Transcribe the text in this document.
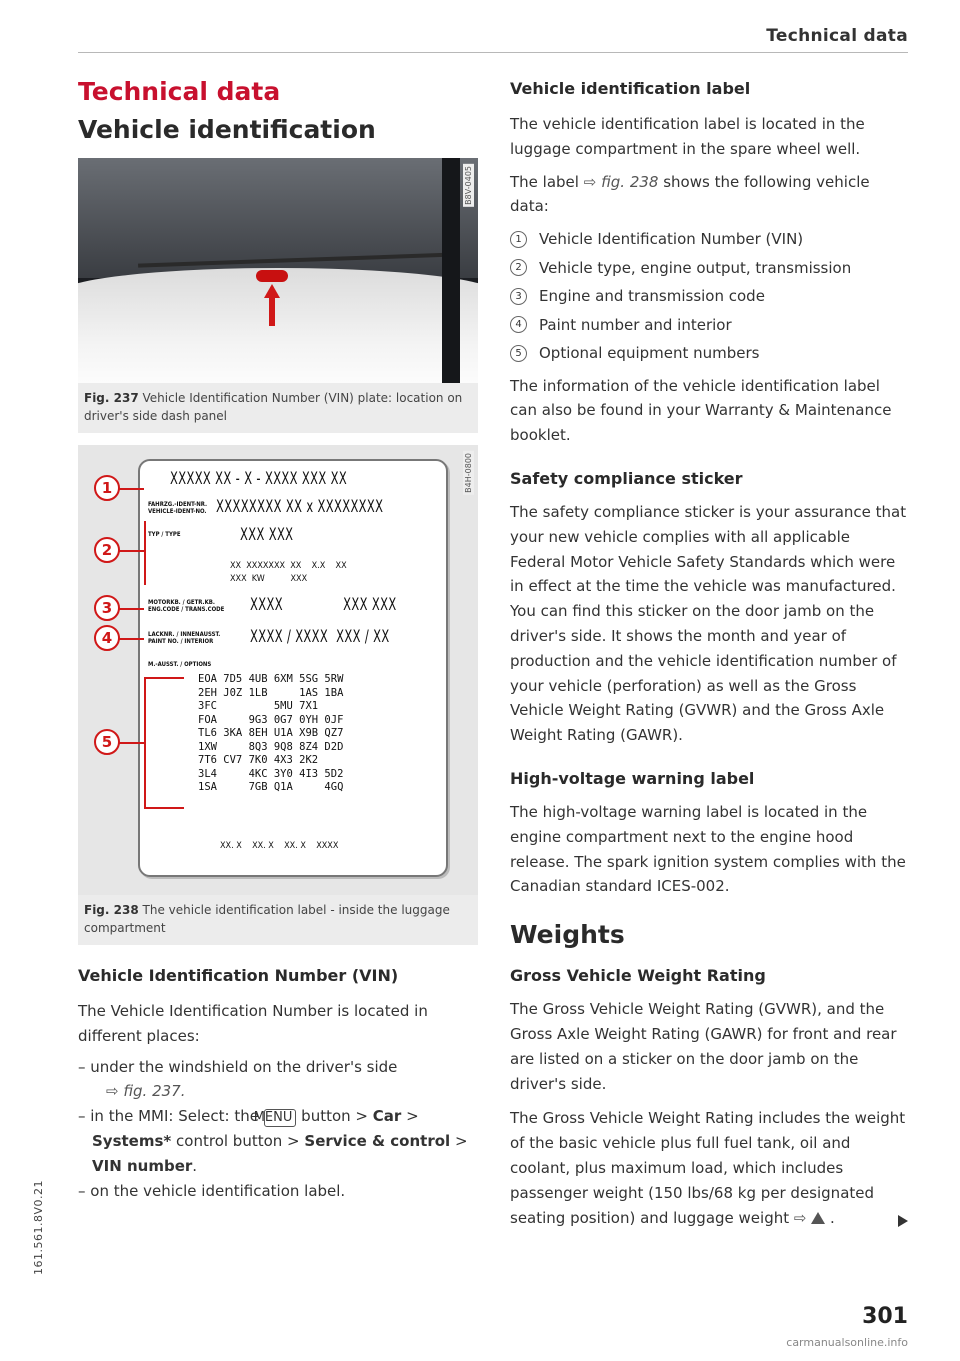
Technical data
Technical data
Vehicle identification
B8V-0405
Fig. 237 Vehicle Identification Number (VIN) plate: location on driver's side dash panel
B4H-0800
XXXXX XX - X - XXXX XXX XX
FAHRZG.-IDENT-NR.
VEHICLE-IDENT-NO. XXXXXXXX XX x XXXXXXXX
TYP / TYPE	XXX XXX
XX  XXXXXXX  XX    X.X    XX
XXX  KW          XXX
MOTORKB. / GETR.KB.
ENG.CODE / TRANS.CODE XXXX               XXX XXX
LACKNR. / INNENAUSST.
PAINT NO. / INTERIOR	XXXX / XXXX  XXX / XX
M.-AUSST. / OPTIONS
EOA 7D5 4UB 6XM 5SG 5RW
2EH J0Z 1LB     1AS 1BA
3FC         5MU 7X1
FOA     9G3 0G7 0YH 0JF
TL6 3KA 8EH U1A X9B QZ7
1XW     8Q3 9Q8 8Z4 D2D
7T6 CV7 7K0 4X3 2K2
3L4     4KC 3Y0 4I3 5D2
1SA     7GB Q1A     4GQ
XX. X    XX. X    XX. X    XXXX
1
2
3
4
5
Fig. 238 The vehicle identification label - inside the luggage compartment
Vehicle Identification Number (VIN)

The Vehicle Identification Number is located in different places:

– under the windshield on the driver's side
⇨ fig. 237.
– in the MMI: Select: the MENU button > Car > Systems* control button > Service & control > VIN number.
– on the vehicle identification label.
Vehicle identification label

The vehicle identification label is located in the luggage compartment in the spare wheel well.

The label ⇨ fig. 238 shows the following vehicle data:

1	Vehicle Identification Number (VIN)
2	Vehicle type, engine output, transmission
3	Engine and transmission code
4	Paint number and interior
5	Optional equipment numbers

The information of the vehicle identification label can also be found in your Warranty & Maintenance booklet.

Safety compliance sticker

The safety compliance sticker is your assurance that your new vehicle complies with all applicable Federal Motor Vehicle Safety Standards which were in effect at the time the vehicle was manufactured. You can find this sticker on the door jamb on the driver's side. It shows the month and year of production and the vehicle identification number of your vehicle (perforation) as well as the Gross Vehicle Weight Rating (GVWR) and the Gross Axle Weight Rating (GAWR).

High-voltage warning label

The high-voltage warning label is located in the engine compartment next to the engine hood release. The spark ignition system complies with the Canadian standard ICES-002.

Weights
Gross Vehicle Weight Rating

The Gross Vehicle Weight Rating (GVWR), and the Gross Axle Weight Rating (GAWR) for front and rear are listed on a sticker on the door jamb on the driver's side.

The Gross Vehicle Weight Rating includes the weight of the basic vehicle plus full fuel tank, oil and coolant, plus maximum load, which includes passenger weight (150 lbs/68 kg per designated seating position) and luggage weight ⇨ .

301
161.561.8V0.21
carmanualsonline.info
